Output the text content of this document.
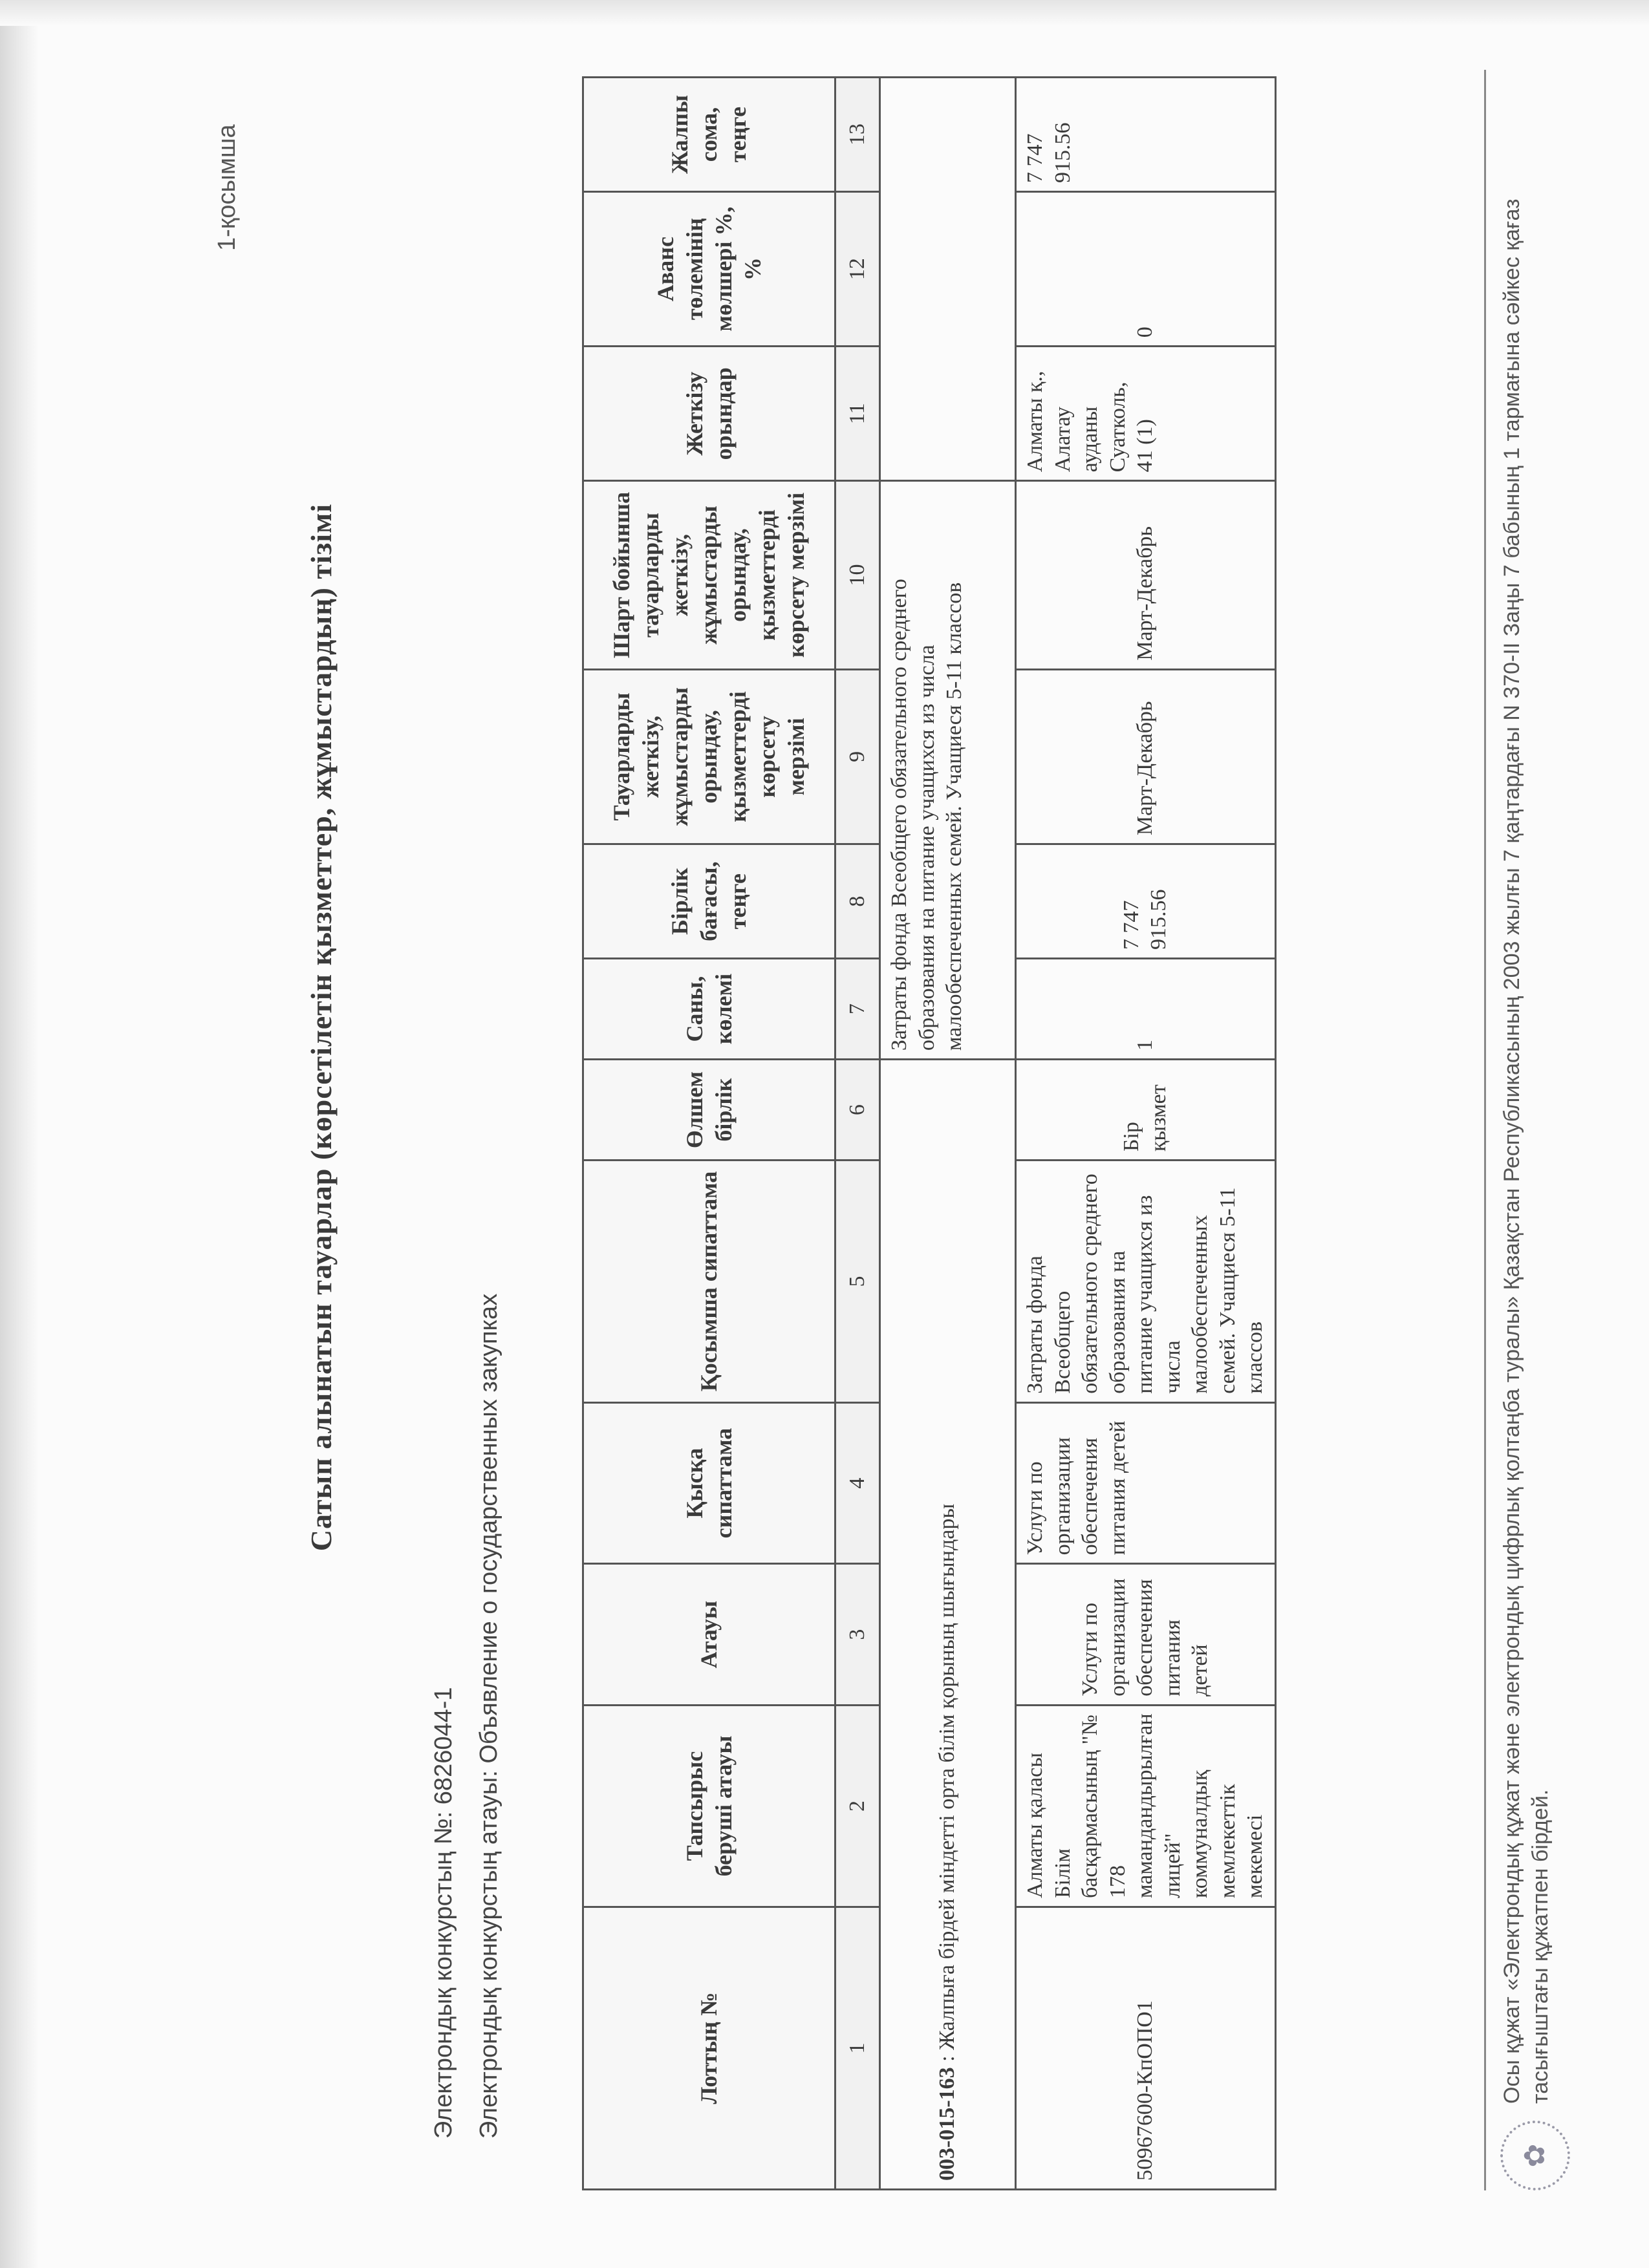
1-қосымша
Сатып алынатын тауарлар (көрсетілетін қызметтер, жұмыстардың) тізімі
Электрондық конкурстың №: 6826044-1 Электрондық конкурстың атауы: Объявление о государственных закупках	Лоттың №	Тапсырыс беруші атауы	Атауы	Қысқа сипаттама	Қосымша сипаттама	Өлшем бірлік	Саны, көлемі	Бірлік бағасы, теңге	Тауарларды жеткізу, жұмыстарды орындау, қызметтерді көрсету мерзімі	Шарт бойынша тауарларды жеткізу, жұмыстарды орындау, қызметтерді көрсету мерзімі	Жеткізу орындар	Аванс төлемінің мөлшері %, %	Жалпы сома, теңге
1	2	3	4	5	6	7	8	9	10	11	12	13
003-015-163 : Жалпыға бірдей міндетті орта білім қорының шығындары						Затраты фонда Всеобщего обязательного среднего образования на питание учащихся из числа малообеспеченных семей. Учащиеся 5-11 классов						
50967600-КпОПО1	Алматы қаласы Білім басқармасының "№ 178 мамандандырылған лицей" коммуналдық мемлекеттік мекемесі	Услуги по организации обеспечения питания детей	Услуги по организации обеспечения питания детей	Затраты фонда Всеобщего обязательного среднего образования на питание учащихся из числа малообеспеченных семей. Учащиеся 5-11 классов	Бір қызмет	1	7 747 915.56	Март-Декабрь	Март-Декабрь	Алматы қ., Алатау ауданы Суатколь, 41 (1)	0	7 747 915.56
✿
Осы құжат «Электрондық құжат және электрондық цифрлық қолтаңба туралы» Қазақстан Республикасының 2003 жылғы 7 қаңтардағы N 370-II Заңы 7 бабының 1 тармағына сәйкес қағаз тасығыштағы құжатпен бірдей.
